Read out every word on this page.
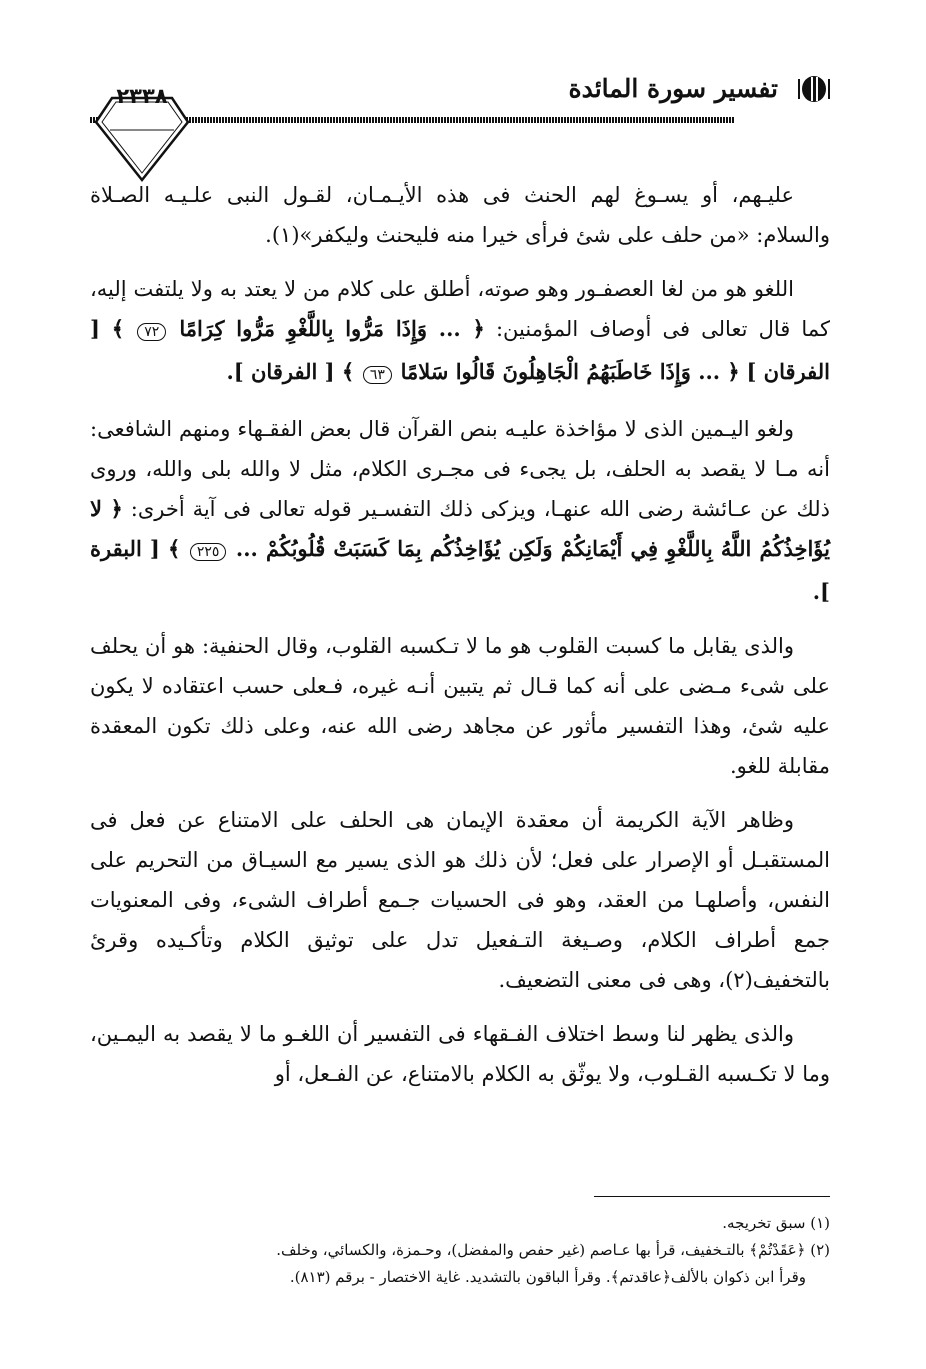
تفسير سورة المائدة
٢٣٣٨

عليـهم، أو يسـوغ لهم الحنث فى هذه الأيـمـان، لقـول النبى علـيـه الصـلاة والسلام: «من حلف على شئ فرأى خيرا منه فليحنث وليكفر»(١).

اللغو هو من لغا العصفـور وهو صوته، أطلق على كلام من لا يعتد به ولا يلتفت إليه، كما قال تعالى فى أوصاف المؤمنين: ﴿ ... وَإِذَا مَرُّوا بِاللَّغْوِ مَرُّوا كِرَامًا ٧٢ ﴾ [ الفرقان ] ﴿ ... وَإِذَا خَاطَبَهُمُ الْجَاهِلُونَ قَالُوا سَلامًا ٦٣ ﴾ [ الفرقان ].

ولغو اليـمين الذى لا مؤاخذة عليـه بنص القرآن قال بعض الفقـهاء ومنهم الشافعى: أنه مـا لا يقصد به الحلف، بل يجىء فى مجـرى الكلام، مثل لا والله بلى والله، وروى ذلك عن عـائشة رضى الله عنهـا، ويزكى ذلك التفسـير قوله تعالى فى آية أخرى: ﴿ لا يُؤَاخِذُكُمُ اللَّهُ بِاللَّغْوِ فِي أَيْمَانِكُمْ وَلَكِن يُؤَاخِذُكُم بِمَا كَسَبَتْ قُلُوبُكُمْ ... ٢٢٥ ﴾ [ البقرة ].

والذى يقابل ما كسبت القلوب هو ما لا تـكسبه القلوب، وقال الحنفية: هو أن يحلف على شىء مـضى على أنه كما قـال ثم يتبين أنـه غيره، فـعلى حسب اعتقاده لا يكون عليه شئ، وهذا التفسير مأثور عن مجاهد رضى الله عنه، وعلى ذلك تكون المعقدة مقابلة للغو.

وظاهر الآية الكريمة أن معقدة الإيمان هى الحلف على الامتناع عن فعل فى المستقبـل أو الإصرار على فعل؛ لأن ذلك هو الذى يسير مع السيـاق من التحريم على النفس، وأصلهـا من العقد، وهو فى الحسيات جـمع أطراف الشىء، وفى المعنويات جمع أطراف الكلام، وصـيغة التـفعيل تدل على توثيق الكلام وتأكـيده وقرئ بالتخفيف(٢)، وهى فى معنى التضعيف.

والذى يظهر لنا وسط اختلاف الفـقهاء فى التفسير أن اللغـو ما لا يقصد به اليمـين، وما لا تكـسبه القـلوب، ولا يوثّق به الكلام بالامتناع، عن الفـعل، أو

(١) سبق تخريجه.

(٢) ﴿عَقَدْتُمْ﴾ بالتـخفيف، قرأ بها عـاصم (غير حفص والمفضل)، وحـمزة، والكسائي، وخلف.

وقرأ ابن ذكوان بالألف﴿عاقدتم﴾. وقرأ الباقون بالتشديد. غاية الاختصار - برقم (٨١٣).
